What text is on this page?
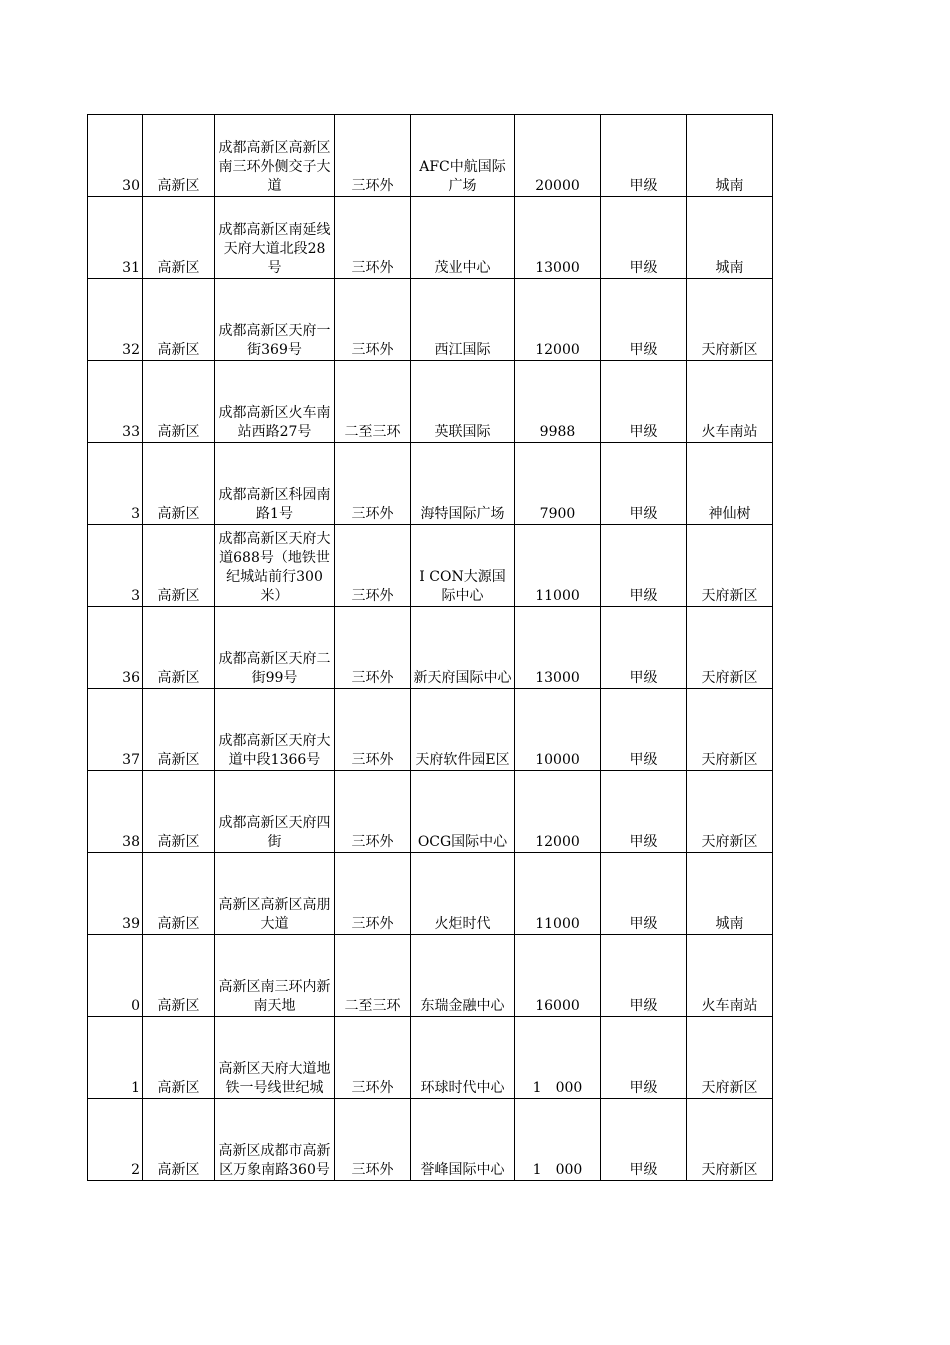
30	高新区	成都高新区高新区南三环外侧交子大道	三环外	AFC中航国际广场	20000	甲级	城南
31	高新区	成都高新区南延线天府大道北段28号	三环外	茂业中心	13000	甲级	城南
32	高新区	成都高新区天府一街369号	三环外	西江国际	12000	甲级	天府新区
33	高新区	成都高新区火车南站西路27号	二至三环	英联国际	9988	甲级	火车南站
3	高新区	成都高新区科园南路1号	三环外	海特国际广场	7900	甲级	神仙树
3	高新区	成都高新区天府大道688号（地铁世纪城站前行300米）	三环外	I CON大源国际中心	11000	甲级	天府新区
36	高新区	成都高新区天府二街99号	三环外	新天府国际中心	13000	甲级	天府新区
37	高新区	成都高新区天府大道中段1366号	三环外	天府软件园E区	10000	甲级	天府新区
38	高新区	成都高新区天府四街	三环外	OCG国际中心	12000	甲级	天府新区
39	高新区	高新区高新区高朋大道	三环外	火炬时代	11000	甲级	城南
0	高新区	高新区南三环内新南天地	二至三环	东瑞金融中心	16000	甲级	火车南站
1	高新区	高新区天府大道地铁一号线世纪城	三环外	环球时代中心	1　000	甲级	天府新区
2	高新区	高新区成都市高新区万象南路360号	三环外	誉峰国际中心	1　000	甲级	天府新区
